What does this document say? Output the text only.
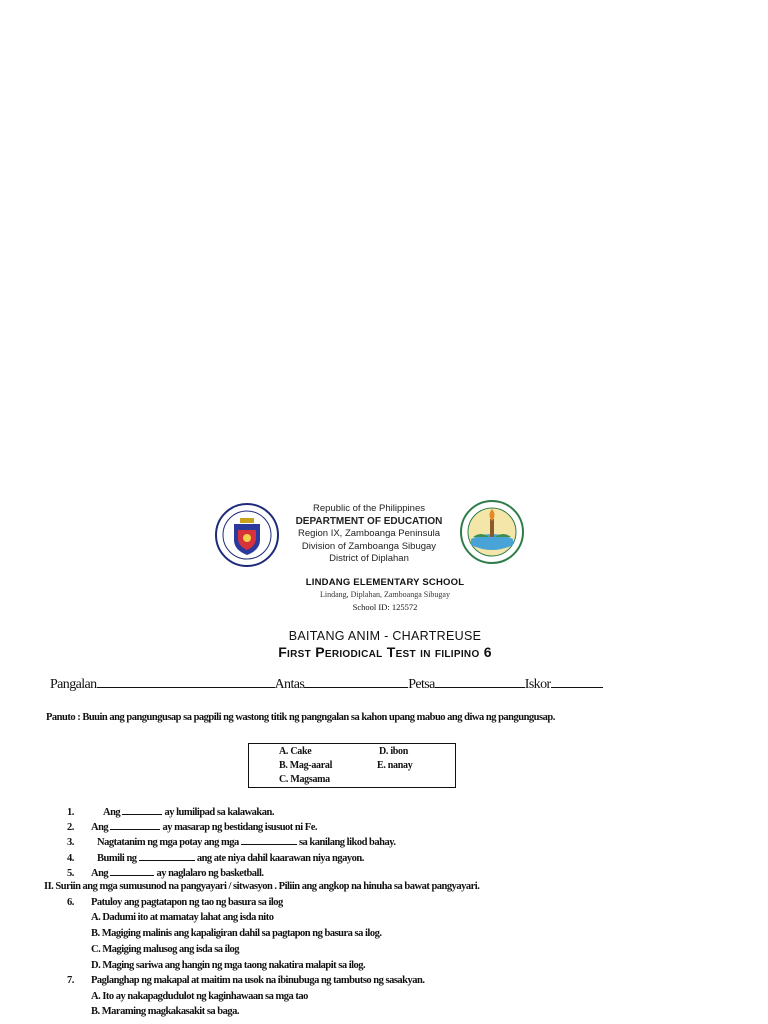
Republic of the Philippines
DEPARTMENT OF EDUCATION
Region IX, Zamboanga Peninsula
Division of Zamboanga Sibugay
District of Diplahan
LINDANG ELEMENTARY SCHOOL
Lindang, Diplahan, Zamboanga Sibugay
School ID: 125572
BAITANG ANIM - CHARTREUSE
First Periodical Test in filipino 6
Pangalan	Antas	Petsa	Iskor
Panuto : Buuin ang pangungusap sa pagpili ng wastong titik ng pangngalan sa kahon upang mabuo ang diwa ng pangungusap.
A. Cake	D. ibon
B. Mag-aaral	E. nanay
C. Magsama
1.	Ang	ay lumilipad sa kalawakan.
2. Ang	ay masarap ng bestidang isusuot ni Fe.
3. Nagtatanim ng mga potay ang mga	sa kanilang likod bahay.
4. Bumili ng	ang ate niya dahil kaarawan niya ngayon.
5. Ang	ay naglalaro ng basketball.
II. Suriin ang mga sumusunod na pangyayari / sitwasyon . Piliin ang angkop na hinuha sa bawat pangyayari.
6. Patuloy ang pagtatapon ng tao ng basura sa ilog
A. Dadumi ito at mamatay lahat ang isda nito
B. Magiging malinis ang kapaligiran dahil sa pagtapon ng basura sa ilog.
C. Magiging malusog ang isda sa ilog
D. Maging sariwa ang hangin ng mga taong nakatira malapit sa ilog.
7. Paglanghap ng makapal at maitim na usok na ibinubuga ng tambutso ng sasakyan.
A. Ito ay nakapagdudulot ng kaginhawaan sa mga tao
B. Maraming magkakasakit sa baga.
